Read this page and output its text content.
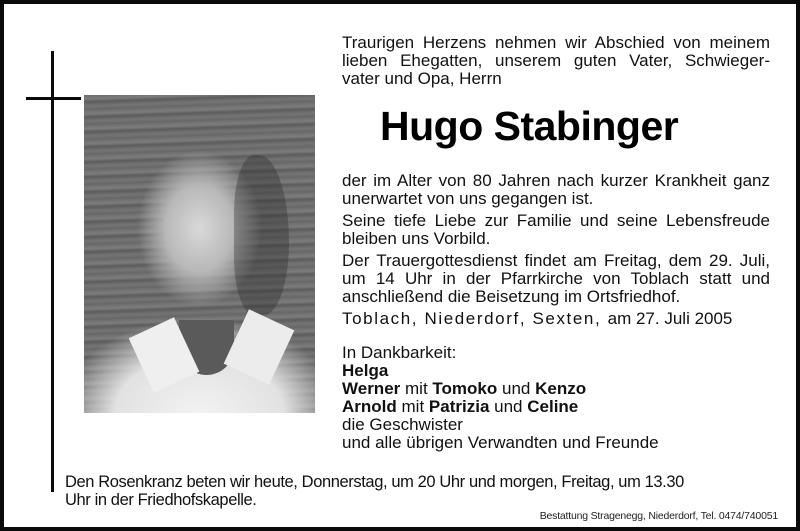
Traurigen Herzens nehmen wir Abschied von meinem
lieben Ehegatten, unserem guten Vater, Schwieger-
vater und Opa, Herrn
Hugo Stabinger

der im Alter von 80 Jahren nach kurzer Krankheit ganz
unerwartet von uns gegangen ist.

Seine tiefe Liebe zur Familie und seine Lebensfreude
bleiben uns Vorbild.

Der Trauergottesdienst findet am Freitag, dem 29. Juli,
um 14 Uhr in der Pfarrkirche von Toblach statt und
anschließend die Beisetzung im Ortsfriedhof.

Toblach, Niederdorf, Sexten, am 27. Juli 2005

In Dankbarkeit:
Helga
Werner mit Tomoko und Kenzo
Arnold mit Patrizia und Celine
die Geschwister
und alle übrigen Verwandten und Freunde
Den Rosenkranz beten wir heute, Donnerstag, um 20 Uhr und morgen, Freitag, um 13.30
Uhr in der Friedhofskapelle.
Bestattung Stragenegg, Niederdorf, Tel. 0474/740051
